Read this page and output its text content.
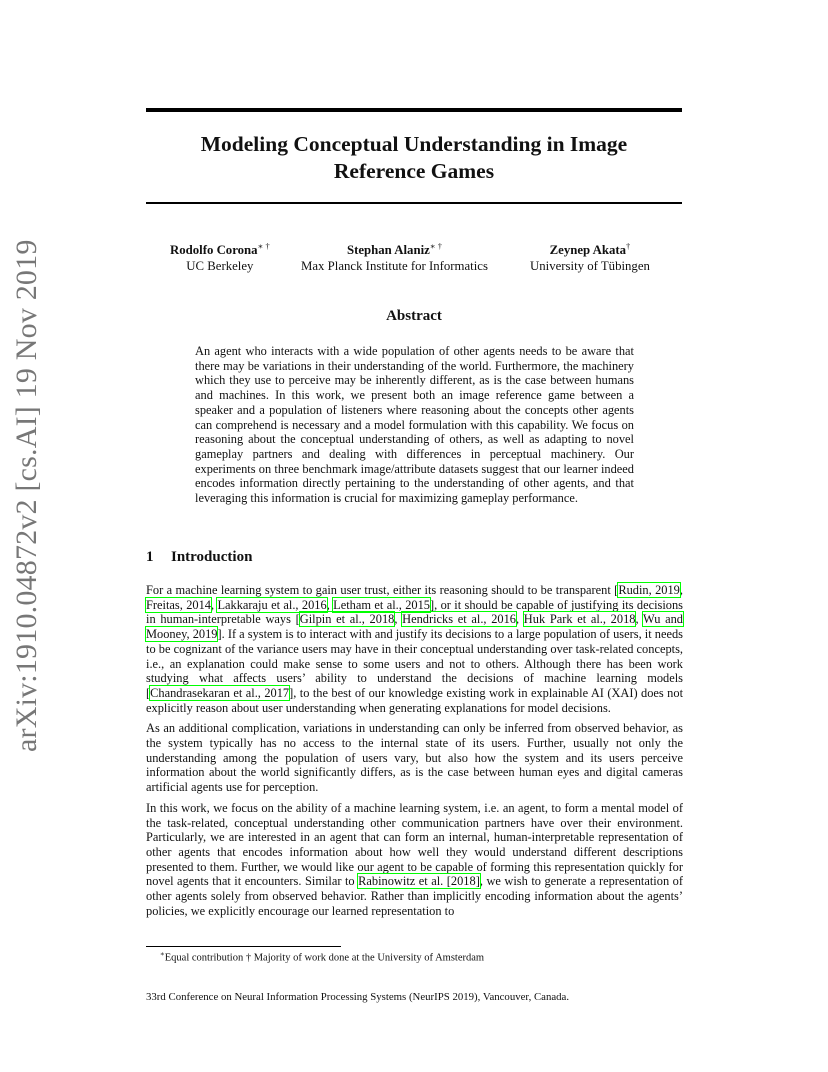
arXiv:1910.04872v2 [cs.AI] 19 Nov 2019
Modeling Conceptual Understanding in Image
Reference Games
Rodolfo Corona∗ †
UC Berkeley
Stephan Alaniz∗ †
Max Planck Institute for Informatics
Zeynep Akata†
University of Tübingen
Abstract

An agent who interacts with a wide population of other agents needs to be aware that there may be variations in their understanding of the world. Furthermore, the machinery which they use to perceive may be inherently different, as is the case between humans and machines. In this work, we present both an image reference game between a speaker and a population of listeners where reasoning about the concepts other agents can comprehend is necessary and a model formulation with this capability. We focus on reasoning about the conceptual understanding of others, as well as adapting to novel gameplay partners and dealing with differences in perceptual machinery. Our experiments on three benchmark image/attribute datasets suggest that our learner indeed encodes information directly pertaining to the understanding of other agents, and that leveraging this information is crucial for maximizing gameplay performance.

1 Introduction

For a machine learning system to gain user trust, either its reasoning should to be transparent [Rudin, 2019, Freitas, 2014, Lakkaraju et al., 2016, Letham et al., 2015], or it should be capable of justifying its decisions in human-interpretable ways [Gilpin et al., 2018, Hendricks et al., 2016, Huk Park et al., 2018, Wu and Mooney, 2019]. If a system is to interact with and justify its decisions to a large population of users, it needs to be cognizant of the variance users may have in their conceptual understanding over task-related concepts, i.e., an explanation could make sense to some users and not to others. Although there has been work studying what affects users’ ability to understand the decisions of machine learning models [Chandrasekaran et al., 2017], to the best of our knowledge existing work in explainable AI (XAI) does not explicitly reason about user understanding when generating explanations for model decisions.

As an additional complication, variations in understanding can only be inferred from observed behavior, as the system typically has no access to the internal state of its users. Further, usually not only the understanding among the population of users vary, but also how the system and its users perceive information about the world significantly differs, as is the case between human eyes and digital cameras artificial agents use for perception.

In this work, we focus on the ability of a machine learning system, i.e. an agent, to form a mental model of the task-related, conceptual understanding other communication partners have over their environment. Particularly, we are interested in an agent that can form an internal, human-interpretable representation of other agents that encodes information about how well they would understand different descriptions presented to them. Further, we would like our agent to be capable of forming this representation quickly for novel agents that it encounters. Similar to Rabinowitz et al. [2018], we wish to generate a representation of other agents solely from observed behavior. Rather than implicitly encoding information about the agents’ policies, we explicitly encourage our learned representation to

∗Equal contribution † Majority of work done at the University of Amsterdam
33rd Conference on Neural Information Processing Systems (NeurIPS 2019), Vancouver, Canada.
